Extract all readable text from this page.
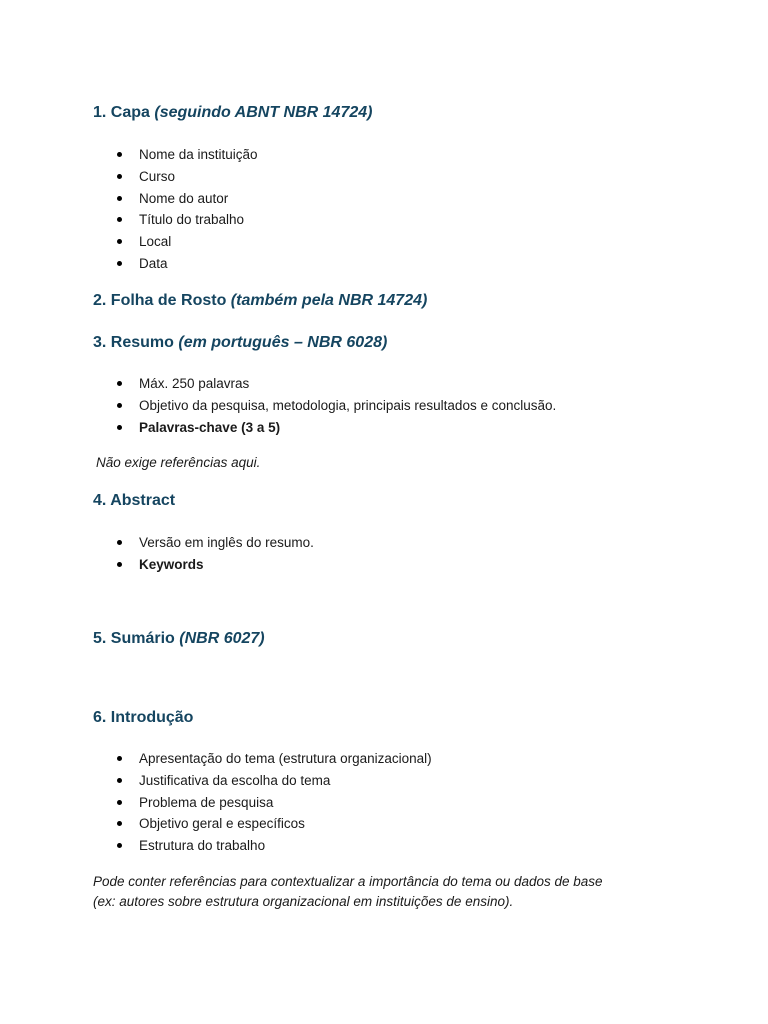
1. Capa (seguindo ABNT NBR 14724)
Nome da instituição
Curso
Nome do autor
Título do trabalho
Local
Data
2. Folha de Rosto (também pela NBR 14724)
3. Resumo (em português – NBR 6028)
Máx. 250 palavras
Objetivo da pesquisa, metodologia, principais resultados e conclusão.
Palavras-chave (3 a 5)

Não exige referências aqui.

4. Abstract
Versão em inglês do resumo.
Keywords
5. Sumário (NBR 6027)
6. Introdução
Apresentação do tema (estrutura organizacional)
Justificativa da escolha do tema
Problema de pesquisa
Objetivo geral e específicos
Estrutura do trabalho

Pode conter referências para contextualizar a importância do tema ou dados de base

(ex: autores sobre estrutura organizacional em instituições de ensino).
